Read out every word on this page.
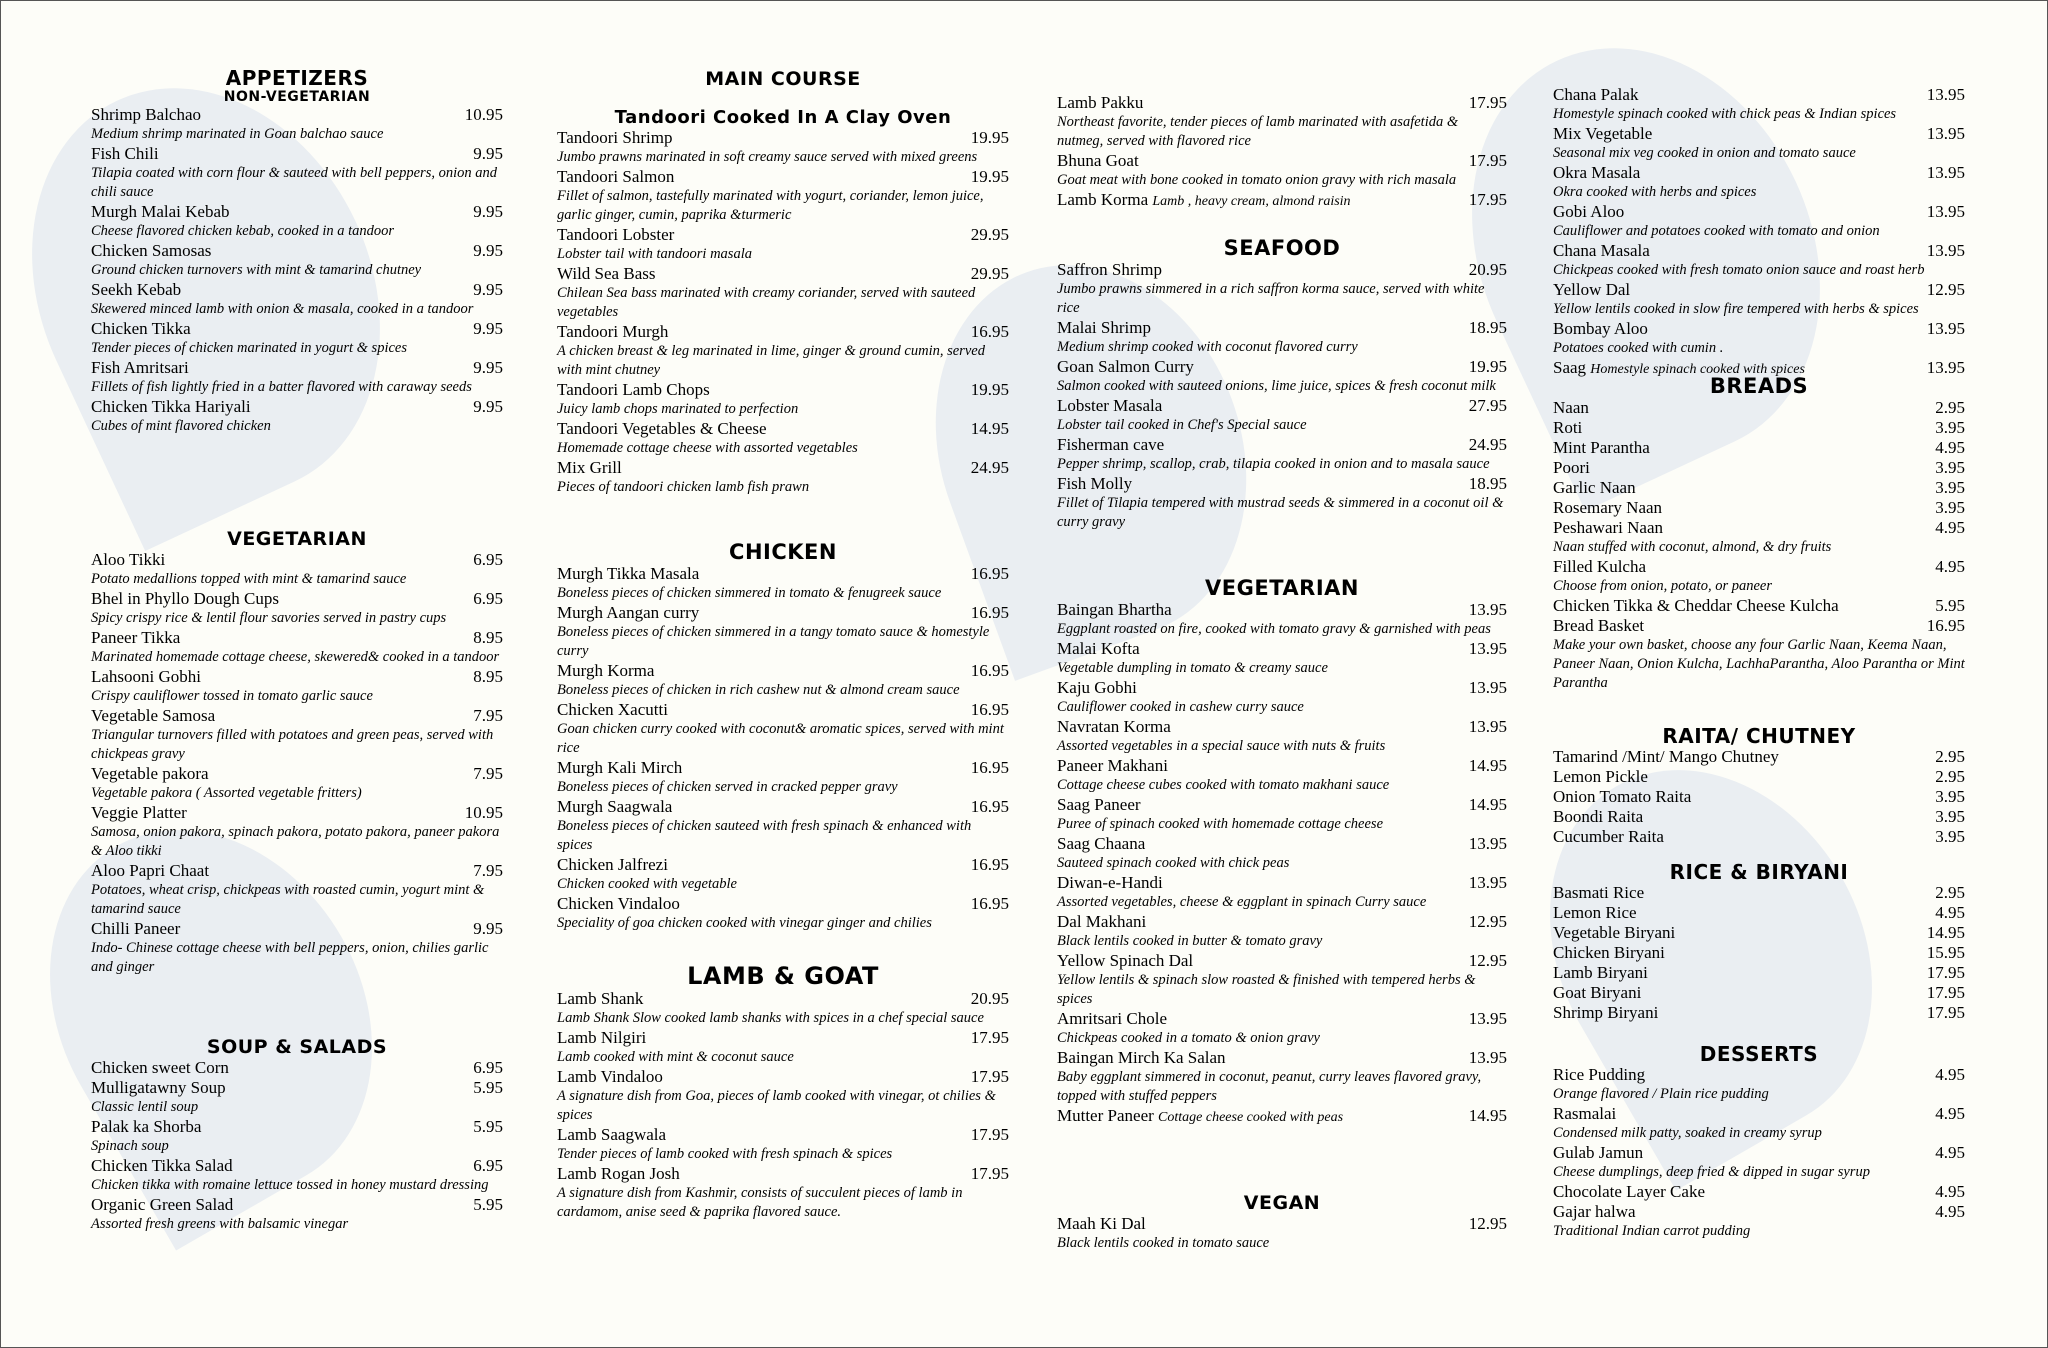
APPETIZERS
NON-VEGETARIAN
Shrimp Balchao	10.95
Medium shrimp marinated in Goan balchao sauce
Fish Chili	9.95
Tilapia coated with corn flour & sauteed with bell peppers, onion and chili sauce
Murgh Malai Kebab	9.95
Cheese flavored chicken kebab, cooked in a tandoor
Chicken Samosas	9.95
Ground chicken turnovers with mint & tamarind chutney
Seekh Kebab	9.95
Skewered minced lamb with onion & masala, cooked in a tandoor
Chicken Tikka	9.95
Tender pieces of chicken marinated in yogurt & spices
Fish Amritsari	9.95
Fillets of fish lightly fried in a batter flavored with caraway seeds
Chicken Tikka Hariyali	9.95
Cubes of mint flavored chicken
VEGETARIAN
Aloo Tikki	6.95
Potato medallions topped with mint & tamarind sauce
Bhel in Phyllo Dough Cups	6.95
Spicy crispy rice & lentil flour savories served in pastry cups
Paneer Tikka	8.95
Marinated homemade cottage cheese, skewered& cooked in a tandoor
Lahsooni Gobhi	8.95
Crispy cauliflower tossed in tomato garlic sauce
Vegetable Samosa	7.95
Triangular turnovers filled with potatoes and green peas, served with chickpeas gravy
Vegetable pakora	7.95
Vegetable pakora ( Assorted vegetable fritters)
Veggie Platter	10.95
Samosa, onion pakora, spinach pakora, potato pakora, paneer pakora & Aloo tikki
Aloo Papri Chaat	7.95
Potatoes, wheat crisp, chickpeas with roasted cumin, yogurt mint & tamarind sauce
Chilli Paneer	9.95
Indo- Chinese cottage cheese with bell peppers, onion, chilies garlic and ginger
SOUP & SALADS
Chicken sweet Corn	6.95
Mulligatawny Soup	5.95
Classic lentil soup
Palak ka Shorba	5.95
Spinach soup
Chicken Tikka Salad	6.95
Chicken tikka with romaine lettuce tossed in honey mustard dressing
Organic Green Salad	5.95
Assorted fresh greens with balsamic vinegar
MAIN COURSE
Tandoori Cooked In A Clay Oven
Tandoori Shrimp	19.95
Jumbo prawns marinated in soft creamy sauce served with mixed greens
Tandoori Salmon	19.95
Fillet of salmon, tastefully marinated with yogurt, coriander, lemon juice, garlic ginger, cumin, paprika &turmeric
Tandoori Lobster	29.95
Lobster tail with tandoori masala
Wild Sea Bass	29.95
Chilean Sea bass marinated with creamy coriander, served with sauteed vegetables
Tandoori Murgh	16.95
A chicken breast & leg marinated in lime, ginger & ground cumin, served with mint chutney
Tandoori Lamb Chops	19.95
Juicy lamb chops marinated to perfection
Tandoori Vegetables & Cheese	14.95
Homemade cottage cheese with assorted vegetables
Mix Grill	24.95
Pieces of tandoori chicken lamb fish prawn
CHICKEN
Murgh Tikka Masala	16.95
Boneless pieces of chicken simmered in tomato & fenugreek sauce
Murgh Aangan curry	16.95
Boneless pieces of chicken simmered in a tangy tomato sauce & homestyle curry
Murgh Korma	16.95
Boneless pieces of chicken in rich cashew nut & almond cream sauce
Chicken Xacutti	16.95
Goan chicken curry cooked with coconut& aromatic spices, served with mint rice
Murgh Kali Mirch	16.95
Boneless pieces of chicken served in cracked pepper gravy
Murgh Saagwala	16.95
Boneless pieces of chicken sauteed with fresh spinach & enhanced with spices
Chicken Jalfrezi	16.95
Chicken cooked with vegetable
Chicken Vindaloo	16.95
Speciality of goa chicken cooked with vinegar ginger and chilies
LAMB & GOAT
Lamb Shank	20.95
Lamb Shank Slow cooked lamb shanks with spices in a chef special sauce
Lamb Nilgiri	17.95
Lamb cooked with mint & coconut sauce
Lamb Vindaloo	17.95
A signature dish from Goa, pieces of lamb cooked with vinegar, ot chilies & spices
Lamb Saagwala	17.95
Tender pieces of lamb cooked with fresh spinach & spices
Lamb Rogan Josh	17.95
A signature dish from Kashmir, consists of succulent pieces of lamb in cardamom, anise seed & paprika flavored sauce.
Lamb Pakku	17.95
Northeast favorite, tender pieces of lamb marinated with asafetida & nutmeg, served with flavored rice
Bhuna Goat	17.95
Goat meat with bone cooked in tomato onion gravy with rich masala
Lamb Korma Lamb , heavy cream, almond raisin	17.95
SEAFOOD
Saffron Shrimp	20.95
Jumbo prawns simmered in a rich saffron korma sauce, served with white rice
Malai Shrimp	18.95
Medium shrimp cooked with coconut flavored curry
Goan Salmon Curry	19.95
Salmon cooked with sauteed onions, lime juice, spices & fresh coconut milk
Lobster Masala	27.95
Lobster tail cooked in Chef's Special sauce
Fisherman cave	24.95
Pepper shrimp, scallop, crab, tilapia cooked in onion and to masala sauce
Fish Molly	18.95
Fillet of Tilapia tempered with mustrad seeds & simmered in a coconut oil & curry gravy
VEGETARIAN
Baingan Bhartha	13.95
Eggplant roasted on fire, cooked with tomato gravy & garnished with peas
Malai Kofta	13.95
Vegetable dumpling in tomato & creamy sauce
Kaju Gobhi	13.95
Cauliflower cooked in cashew curry sauce
Navratan Korma	13.95
Assorted vegetables in a special sauce with nuts & fruits
Paneer Makhani	14.95
Cottage cheese cubes cooked with tomato makhani sauce
Saag Paneer	14.95
Puree of spinach cooked with homemade cottage cheese
Saag Chaana	13.95
Sauteed spinach cooked with chick peas
Diwan-e-Handi	13.95
Assorted vegetables, cheese & eggplant in spinach Curry sauce
Dal Makhani	12.95
Black lentils cooked in butter & tomato gravy
Yellow Spinach Dal	12.95
Yellow lentils & spinach slow roasted & finished with tempered herbs & spices
Amritsari Chole	13.95
Chickpeas cooked in a tomato & onion gravy
Baingan Mirch Ka Salan	13.95
Baby eggplant simmered in coconut, peanut, curry leaves flavored gravy, topped with stuffed peppers
Mutter Paneer Cottage cheese cooked with peas	14.95
VEGAN
Maah Ki Dal	12.95
Black lentils cooked in tomato sauce
Chana Palak	13.95
Homestyle spinach cooked with chick peas & Indian spices
Mix Vegetable	13.95
Seasonal mix veg cooked in onion and tomato sauce
Okra Masala	13.95
Okra cooked with herbs and spices
Gobi Aloo	13.95
Cauliflower and potatoes cooked with tomato and onion
Chana Masala	13.95
Chickpeas cooked with fresh tomato onion sauce and roast herb
Yellow Dal	12.95
Yellow lentils cooked in slow fire tempered with herbs & spices
Bombay Aloo	13.95
Potatoes cooked with cumin .
Saag Homestyle spinach cooked with spices	13.95
BREADS
Naan	2.95
Roti	3.95
Mint Parantha	4.95
Poori	3.95
Garlic Naan	3.95
Rosemary Naan	3.95
Peshawari Naan	4.95
Naan stuffed with coconut, almond, & dry fruits
Filled Kulcha	4.95
Choose from onion, potato, or paneer
Chicken Tikka & Cheddar Cheese Kulcha	5.95
Bread Basket	16.95
Make your own basket, choose any four Garlic Naan, Keema Naan, Paneer Naan, Onion Kulcha, LachhaParantha, Aloo Parantha or Mint Parantha
RAITA/ CHUTNEY
Tamarind /Mint/ Mango Chutney	2.95
Lemon Pickle	2.95
Onion Tomato Raita	3.95
Boondi Raita	3.95
Cucumber Raita	3.95
RICE & BIRYANI
Basmati Rice	2.95
Lemon Rice	4.95
Vegetable Biryani	14.95
Chicken Biryani	15.95
Lamb Biryani	17.95
Goat Biryani	17.95
Shrimp Biryani	17.95
DESSERTS
Rice Pudding	4.95
Orange flavored / Plain rice pudding
Rasmalai	4.95
Condensed milk patty, soaked in creamy syrup
Gulab Jamun	4.95
Cheese dumplings, deep fried & dipped in sugar syrup
Chocolate Layer Cake	4.95
Gajar halwa	4.95
Traditional Indian carrot pudding
